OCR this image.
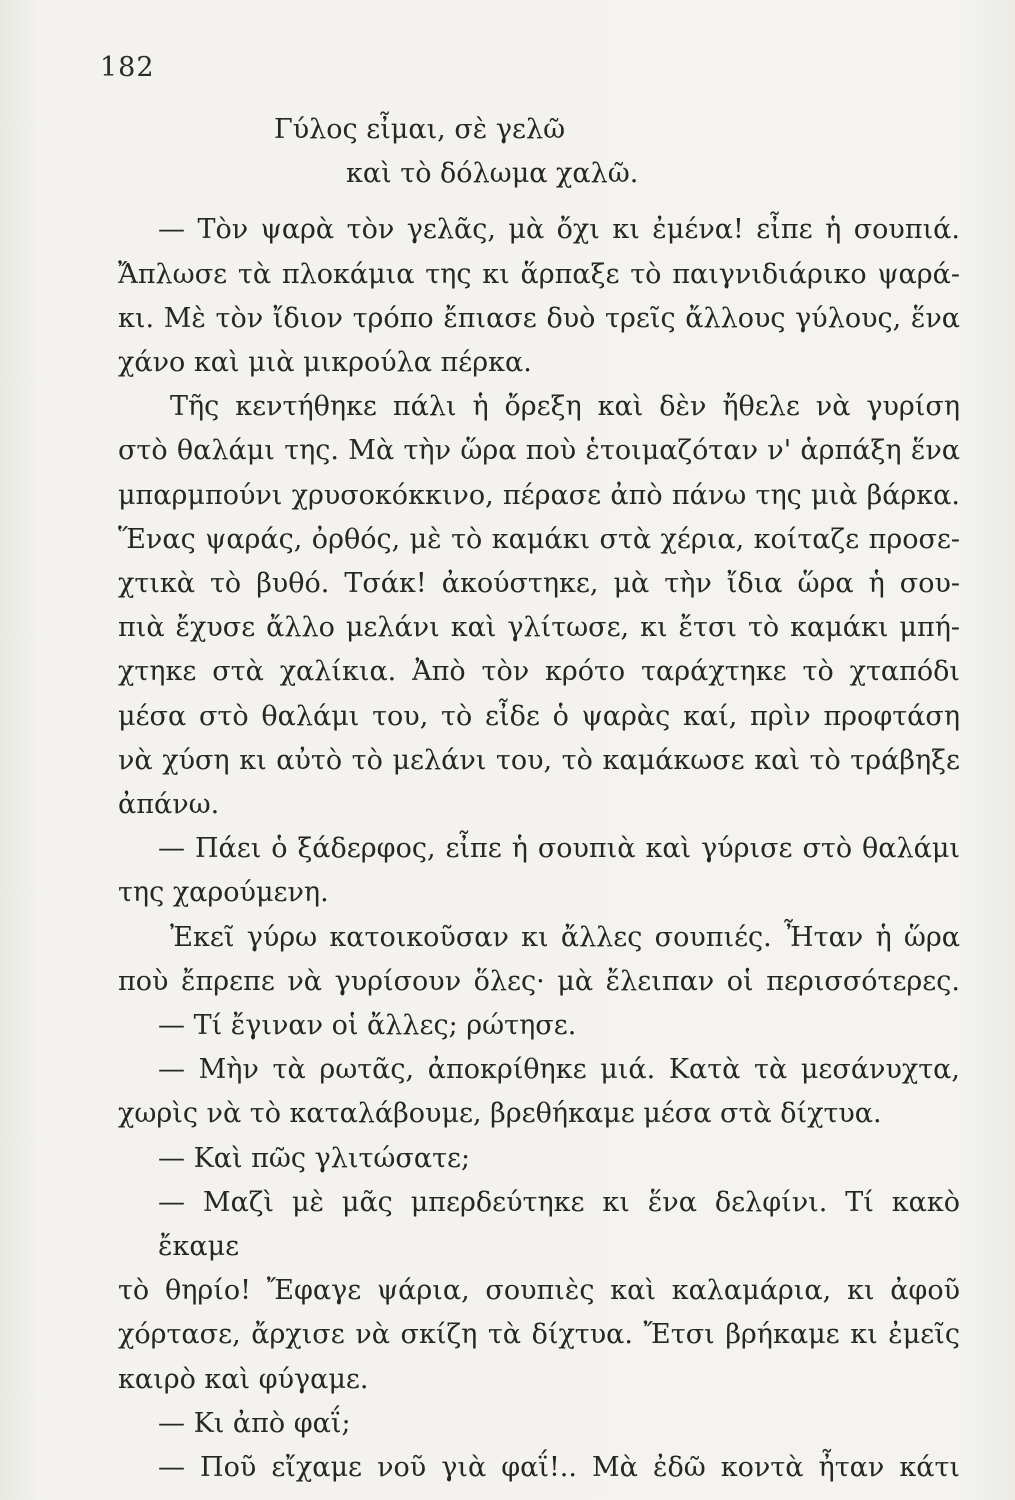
182
Γύλος εἶμαι, σὲ γελῶ
καὶ τὸ δόλωμα χαλῶ.
— Τὸν ψαρὰ τὸν γελᾶς, μὰ ὄχι κι ἐμένα! εἶπε ἡ σουπιά.
Ἄπλωσε τὰ πλοκάμια της κι ἅρπαξε τὸ παιγνιδιάρικο ψαρά-
κι. Μὲ τὸν ἴδιον τρόπο ἔπιασε δυὸ τρεῖς ἄλλους γύλους, ἕνα
χάνο καὶ μιὰ μικρούλα πέρκα.
Τῆς κεντήθηκε πάλι ἡ ὄρεξη καὶ δὲν ἤθελε νὰ γυρίση
στὸ θαλάμι της. Μὰ τὴν ὥρα ποὺ ἑτοιμαζόταν ν' ἁρπάξη ἕνα
μπαρμπούνι χρυσοκόκκινο, πέρασε ἀπὸ πάνω της μιὰ βάρκα.
Ἕνας ψαράς, ὀρθός, μὲ τὸ καμάκι στὰ χέρια, κοίταζε προσε-
χτικὰ τὸ βυθό. Τσάκ! ἀκούστηκε, μὰ τὴν ἴδια ὥρα ἡ σου-
πιὰ ἔχυσε ἄλλο μελάνι καὶ γλίτωσε, κι ἔτσι τὸ καμάκι μπή-
χτηκε στὰ χαλίκια. Ἀπὸ τὸν κρότο ταράχτηκε τὸ χταπόδι
μέσα στὸ θαλάμι του, τὸ εἶδε ὁ ψαρὰς καί, πρὶν προφτάση
νὰ χύση κι αὐτὸ τὸ μελάνι του, τὸ καμάκωσε καὶ τὸ τράβηξε
ἀπάνω.
— Πάει ὁ ξάδερφος, εἶπε ἡ σουπιὰ καὶ γύρισε στὸ θαλάμι
της χαρούμενη.
Ἐκεῖ γύρω κατοικοῦσαν κι ἄλλες σουπιές. Ἦταν ἡ ὥρα
ποὺ ἔπρεπε νὰ γυρίσουν ὅλες· μὰ ἔλειπαν οἱ περισσότερες.
— Τί ἔγιναν οἱ ἄλλες; ρώτησε.
— Μὴν τὰ ρωτᾶς, ἀποκρίθηκε μιά. Κατὰ τὰ μεσάνυχτα,
χωρὶς νὰ τὸ καταλάβουμε, βρεθήκαμε μέσα στὰ δίχτυα.
— Καὶ πῶς γλιτώσατε;
— Μαζὶ μὲ μᾶς μπερδεύτηκε κι ἕνα δελφίνι. Τί κακὸ ἔκαμε
τὸ θηρίο! Ἔφαγε ψάρια, σουπιὲς καὶ καλαμάρια, κι ἀφοῦ
χόρτασε, ἄρχισε νὰ σκίζη τὰ δίχτυα. Ἔτσι βρήκαμε κι ἐμεῖς
καιρὸ καὶ φύγαμε.
— Κι ἀπὸ φαΐ;
— Ποῦ εἴχαμε νοῦ γιὰ φαΐ!.. Μὰ ἐδῶ κοντὰ ἦταν κάτι
